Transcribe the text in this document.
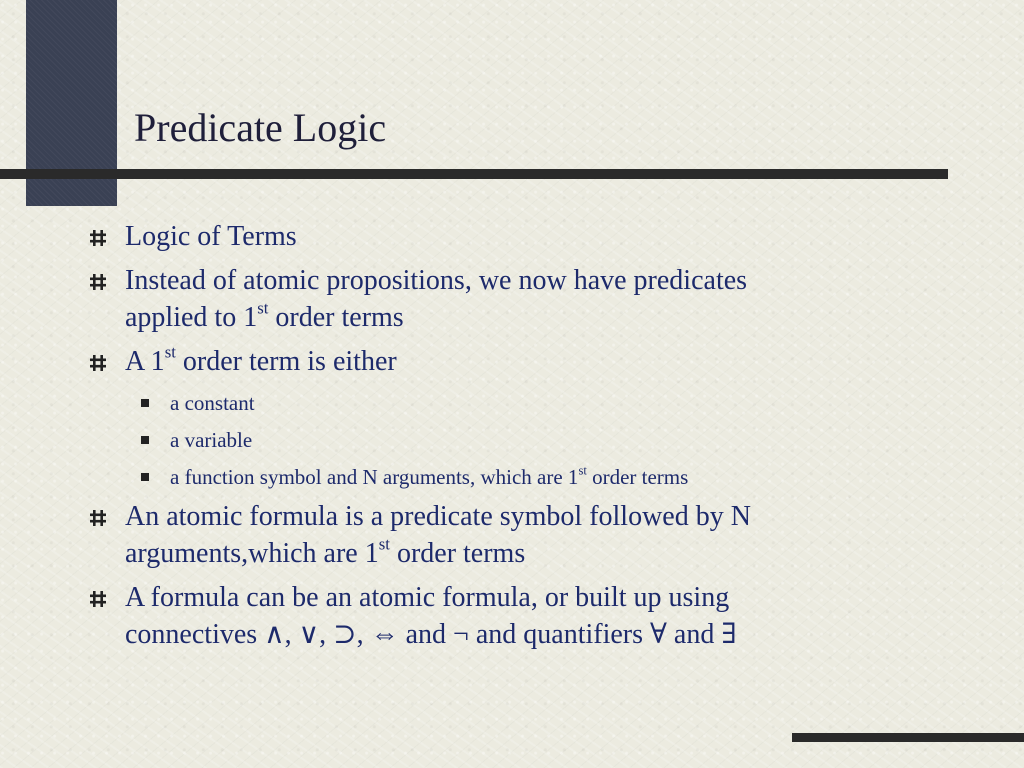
Predicate Logic
Logic of Terms
Instead of atomic propositions, we now have predicates
applied to 1st order terms
A 1st order term is either
a constant
a variable
a function symbol and N arguments, which are 1st order terms
An atomic formula is a predicate symbol followed by N
arguments,which are 1st order terms
A formula can be an atomic formula, or built up using
connectives ∧, ∨, ⊃, ⇔ and ¬ and quantifiers ∀ and ∃
